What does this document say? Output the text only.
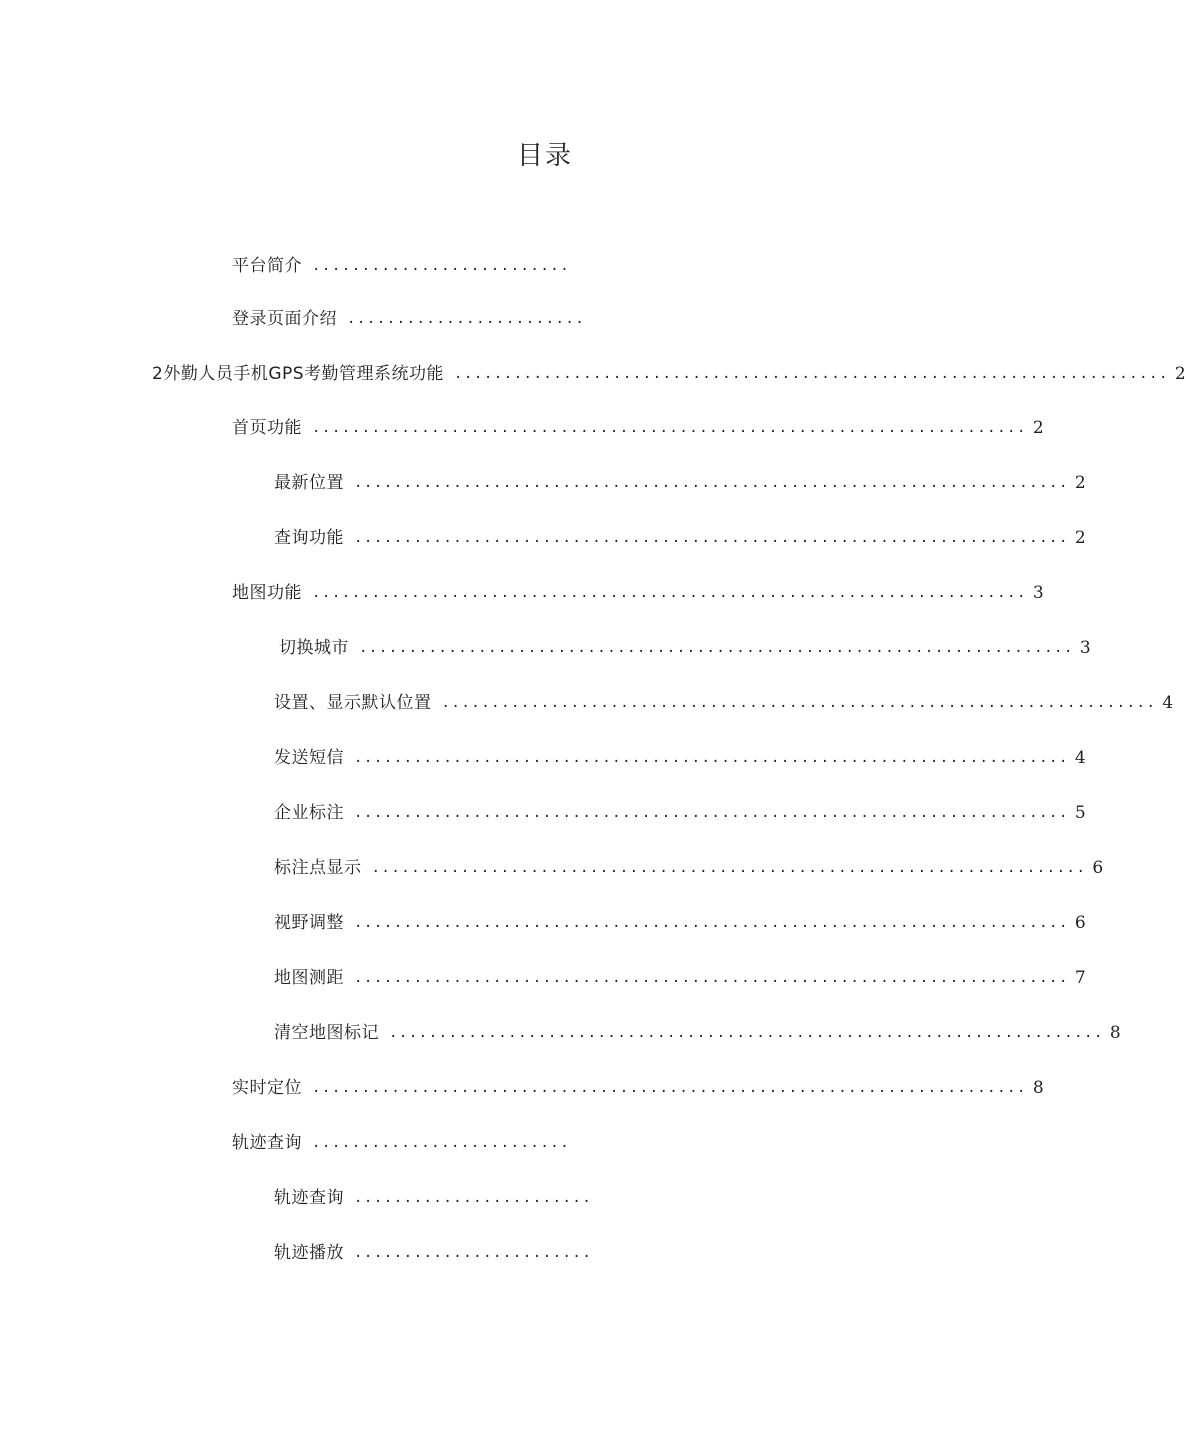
目录
平台简介 ..........................
登录页面介绍 ........................
2外勤人员手机GPS考勤管理系统功能 ........................................................................ 2
首页功能 ........................................................................ 2
最新位置 ........................................................................ 2
查询功能 ........................................................................ 2
地图功能 ........................................................................ 3
切换城市 ........................................................................ 3
设置、显示默认位置 ........................................................................ 4
发送短信 ........................................................................ 4
企业标注 ........................................................................ 5
标注点显示 ........................................................................ 6
视野调整 ........................................................................ 6
地图测距 ........................................................................ 7
清空地图标记 ........................................................................ 8
实时定位 ........................................................................ 8
轨迹查询 ..........................
轨迹查询 ........................
轨迹播放 ........................
